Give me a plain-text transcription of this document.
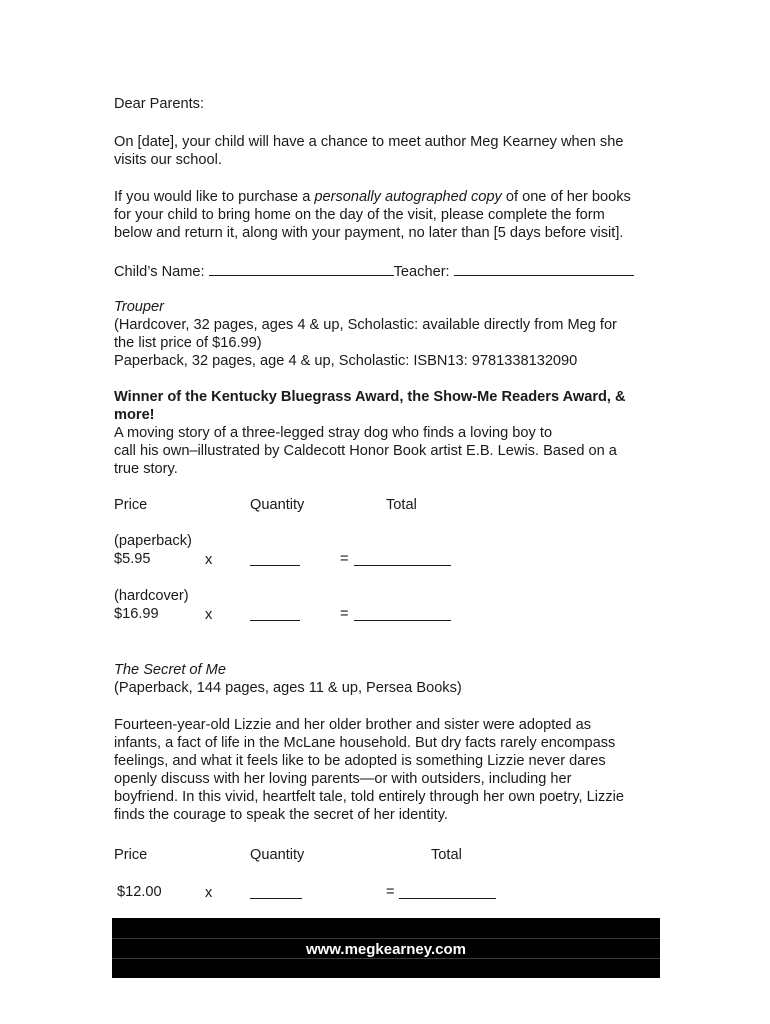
Dear Parents:
On [date], your child will have a chance to meet author Meg Kearney when she
visits our school.
If you would like to purchase a personally autographed copy of one of her books
for your child to bring home on the day of the visit, please complete the form
below and return it, along with your payment, no later than [5 days before visit].
Child’s Name:	Teacher:
Trouper
(Hardcover, 32 pages, ages 4 & up, Scholastic: available directly from Meg for
the list price of $16.99)
Paperback, 32 pages, age 4 & up, Scholastic: ISBN13: 9781338132090
Winner of the Kentucky Bluegrass Award, the Show-Me Readers Award, &
more!
A moving story of a three-legged stray dog who finds a loving boy to
call his own–illustrated by Caldecott Honor Book artist E.B. Lewis. Based on a
true story.
Price	Quantity	Total
(paperback)
$5.95	x	=
(hardcover)
$16.99	x	=
The Secret of Me
(Paperback, 144 pages, ages 11 & up, Persea Books)
Fourteen-year-old Lizzie and her older brother and sister were adopted as
infants, a fact of life in the McLane household. But dry facts rarely encompass
feelings, and what it feels like to be adopted is something Lizzie never dares
openly discuss with her loving parents—or with outsiders, including her
boyfriend. In this vivid, heartfelt tale, told entirely through her own poetry, Lizzie
finds the courage to speak the secret of her identity.
Price	Quantity	Total
$12.00	x	=
www.megkearney.com
